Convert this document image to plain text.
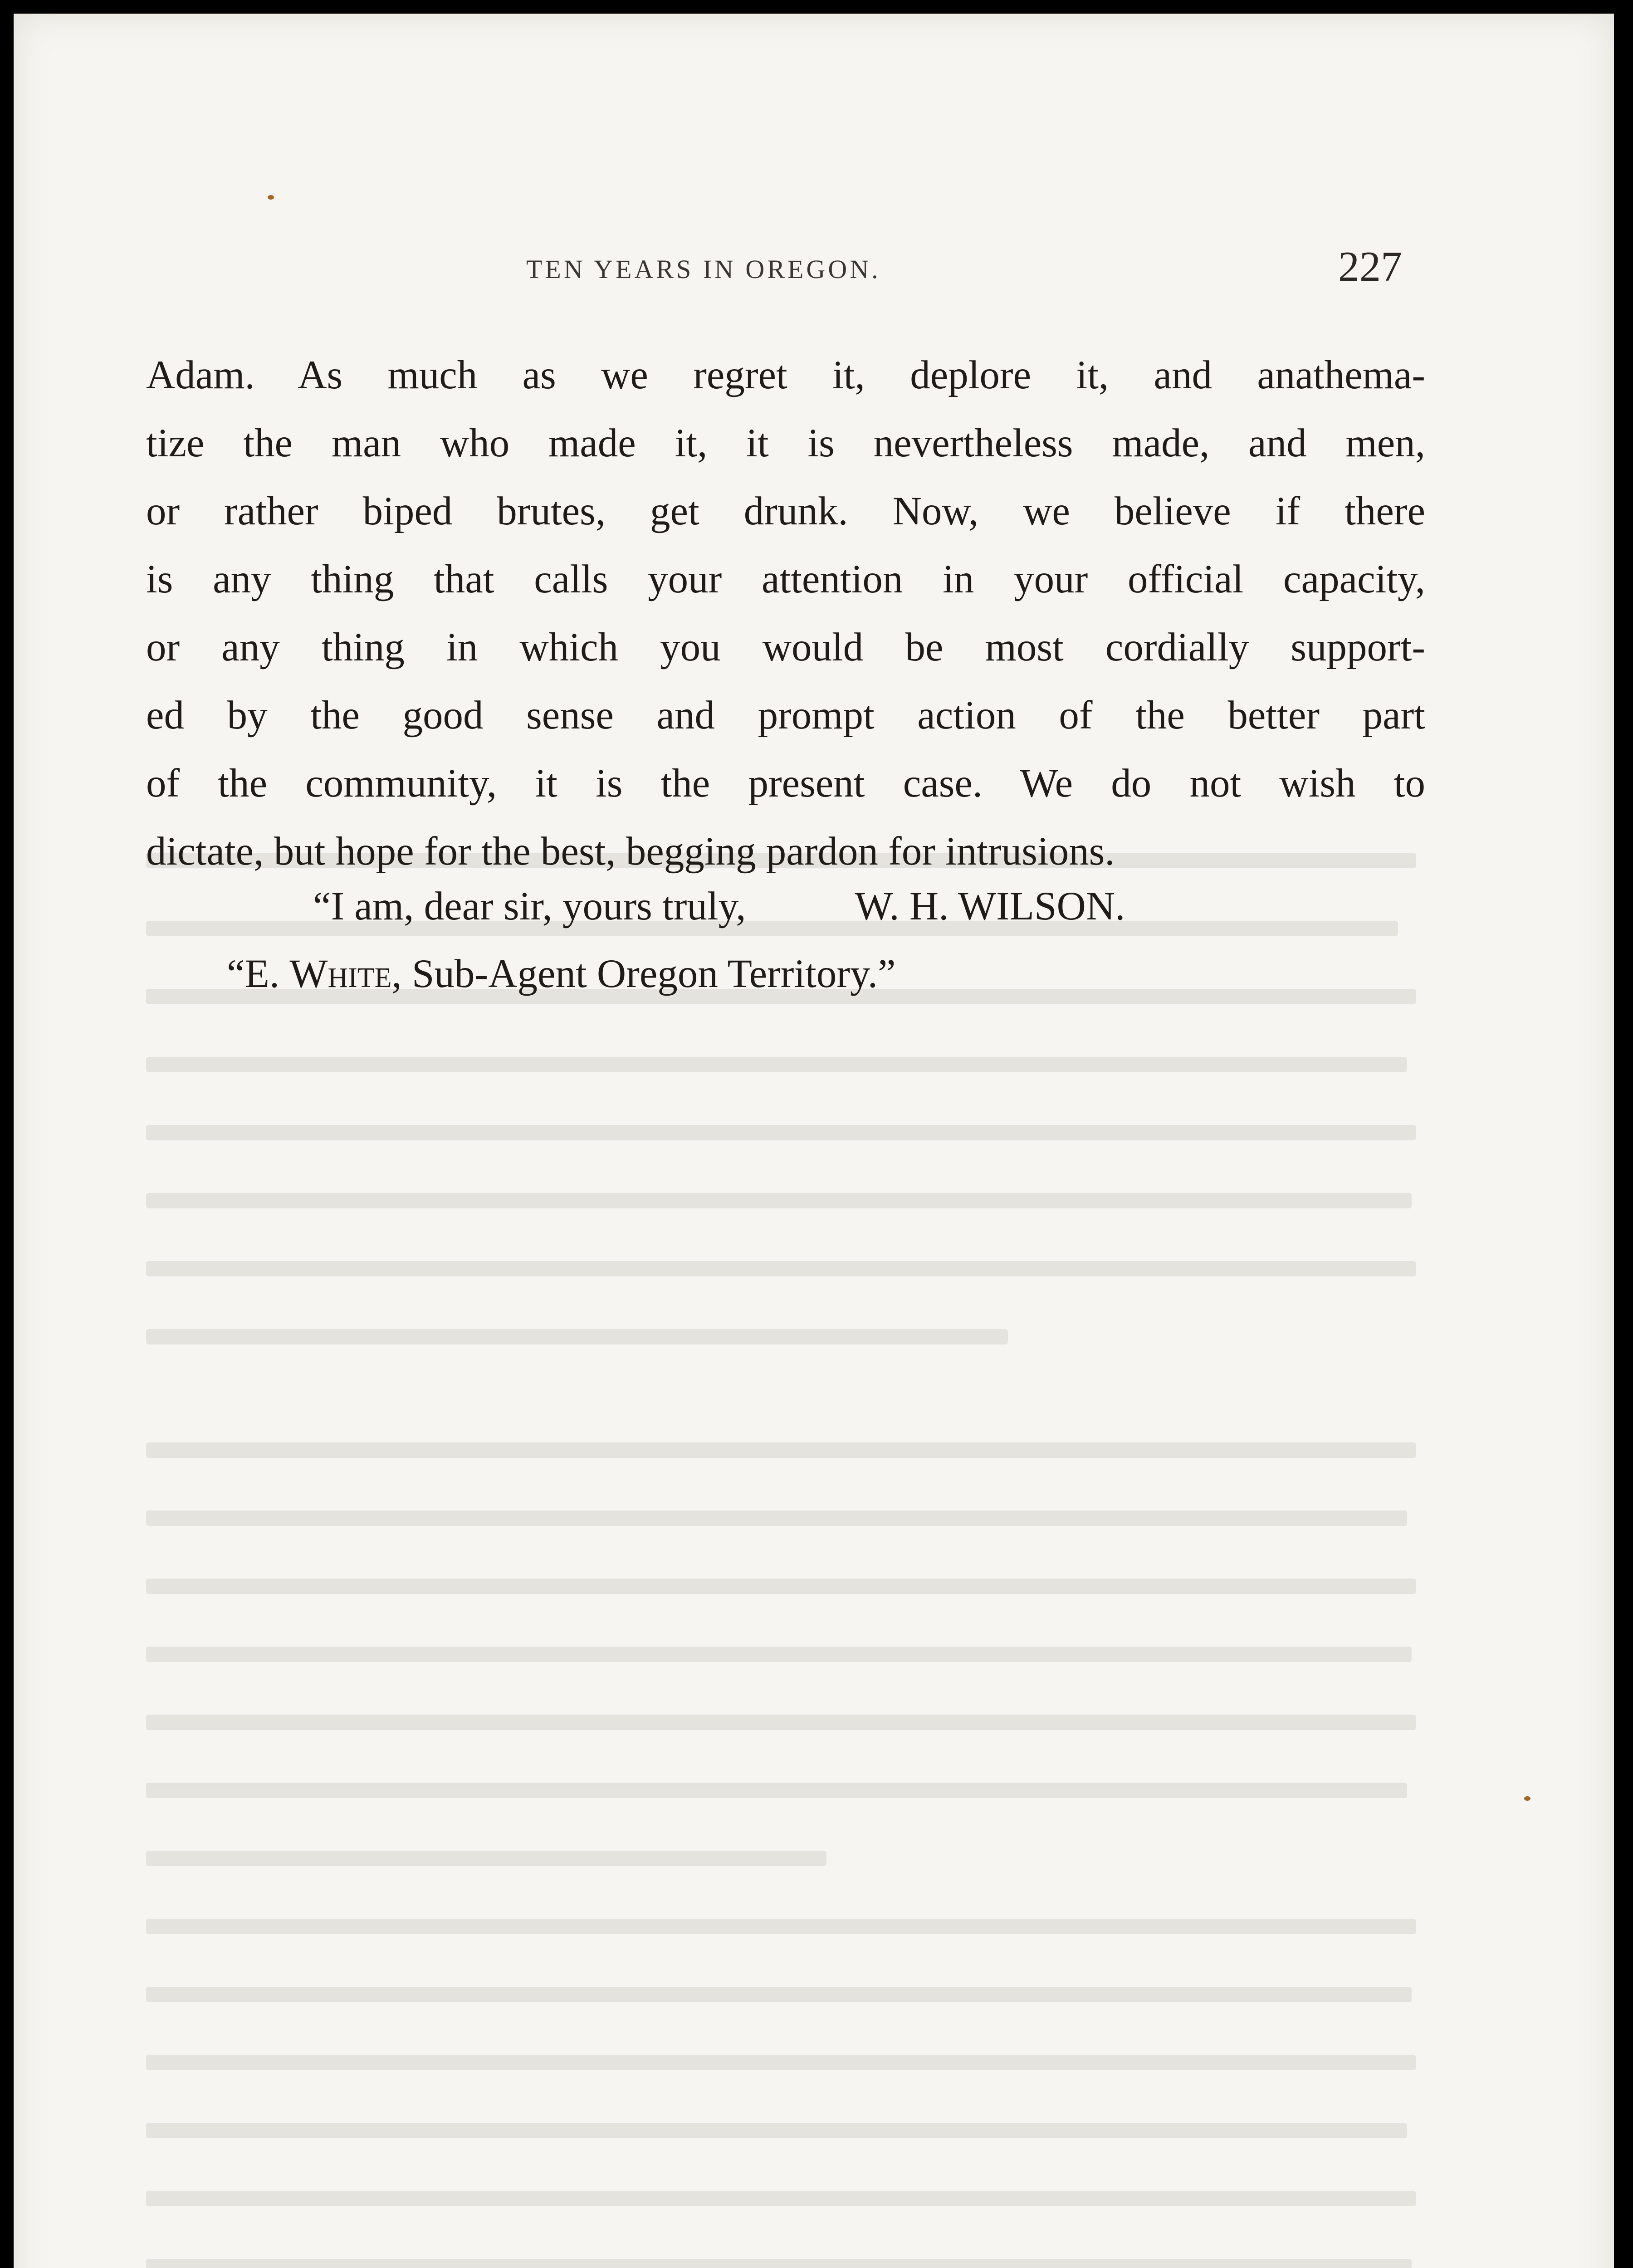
TEN YEARS IN OREGON.	227
Adam. As much as we regret it, deplore it, and anathema-
tize the man who made it, it is nevertheless made, and men,
or rather biped brutes, get drunk. Now, we believe if there
is any thing that calls your attention in your official capacity,
or any thing in which you would be most cordially support-
ed by the good sense and prompt action of the better part
of the community, it is the present case. We do not wish to
dictate, but hope for the best, begging pardon for intrusions.
“I am, dear sir, yours truly,	W. H. WILSON.
“E. White, Sub-Agent Oregon Territory.”
